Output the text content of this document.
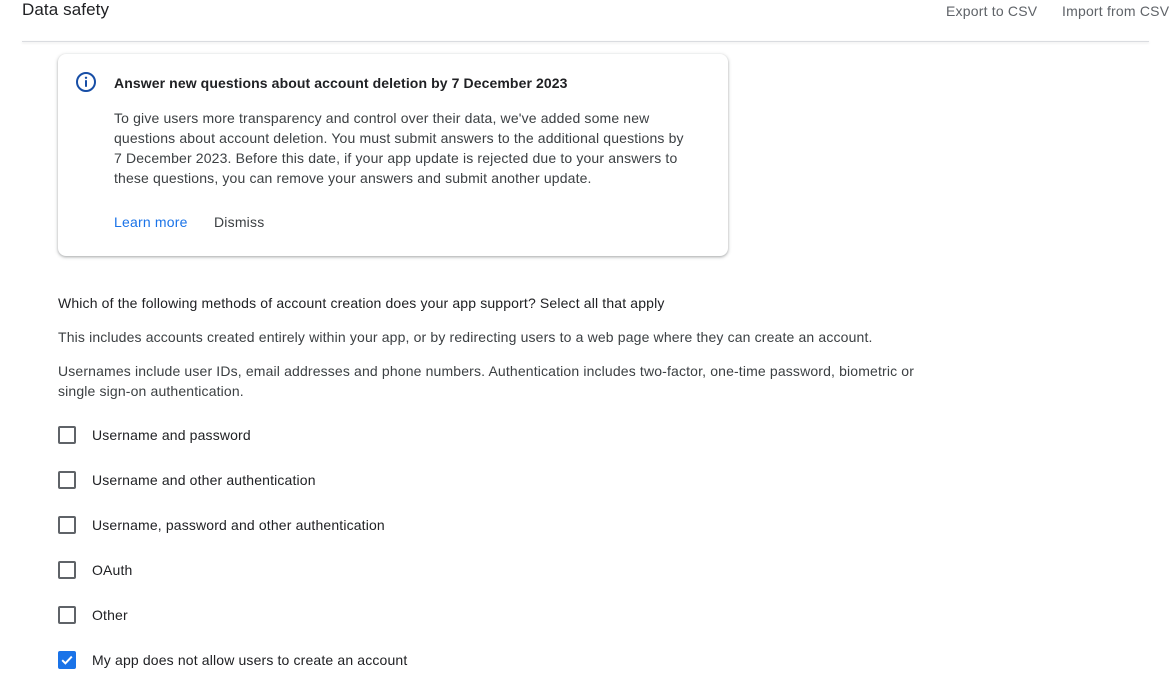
Data safety	Export to CSV Import from CSV
Answer new questions about account deletion by 7 December 2023
To give users more transparency and control over their data, we've added some new questions about account deletion. You must submit answers to the additional questions by 7 December 2023. Before this date, if your app update is rejected due to your answers to these questions, you can remove your answers and submit another update.
Learn more Dismiss
Which of the following methods of account creation does your app support? Select all that apply
This includes accounts created entirely within your app, or by redirecting users to a web page where they can create an account.
Usernames include user IDs, email addresses and phone numbers. Authentication includes two-factor, one-time password, biometric or single sign-on authentication.
Username and password
Username and other authentication
Username, password and other authentication
OAuth
Other
My app does not allow users to create an account
